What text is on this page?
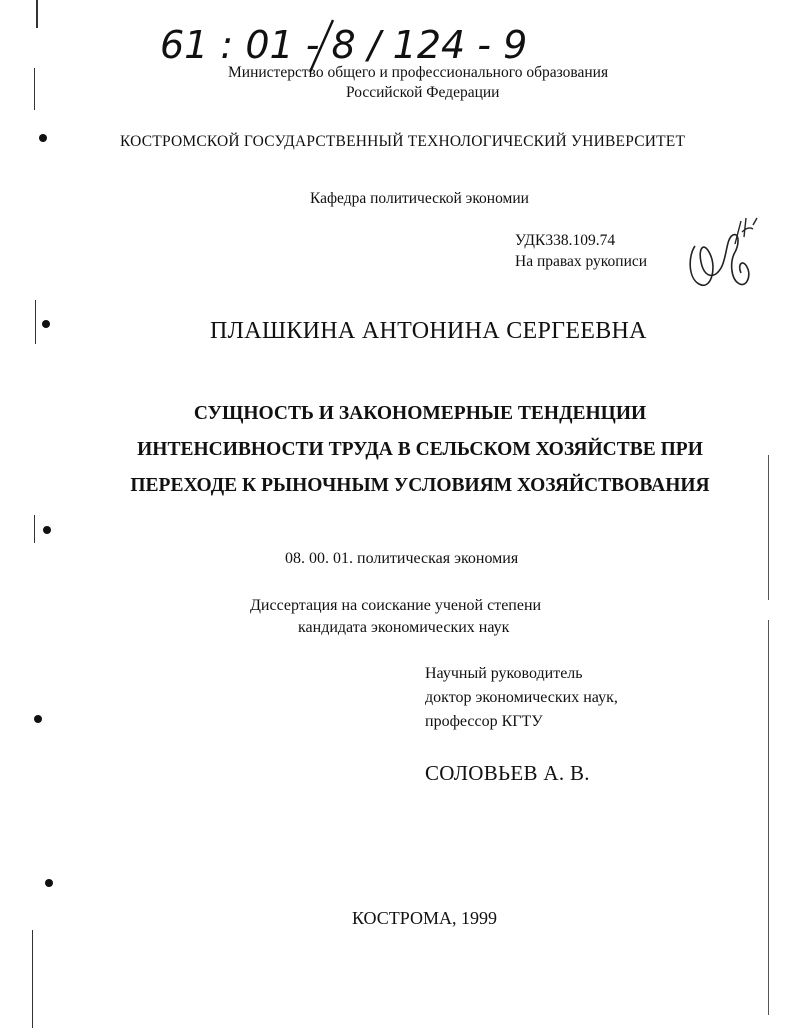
61 : 01 - 8 / 124 - 9
Министерство общего и профессионального образования
Российской Федерации
КОСТРОМСКОЙ ГОСУДАРСТВЕННЫЙ ТЕХНОЛОГИЧЕСКИЙ УНИВЕРСИТЕТ
Кафедра политической экономии
УДК338.109.74
На правах рукописи
ПЛАШКИНА АНТОНИНА СЕРГЕЕВНА
СУЩНОСТЬ И ЗАКОНОМЕРНЫЕ ТЕНДЕНЦИИ
ИНТЕНСИВНОСТИ ТРУДА В СЕЛЬСКОМ ХОЗЯЙСТВЕ ПРИ
ПЕРЕХОДЕ К РЫНОЧНЫМ УСЛОВИЯМ ХОЗЯЙСТВОВАНИЯ
08. 00. 01. политическая экономия
Диссертация на соискание ученой степени
кандидата экономических наук
Научный руководитель
доктор экономических наук,
профессор КГТУ
СОЛОВЬЕВ А. В.
КОСТРОМА, 1999
